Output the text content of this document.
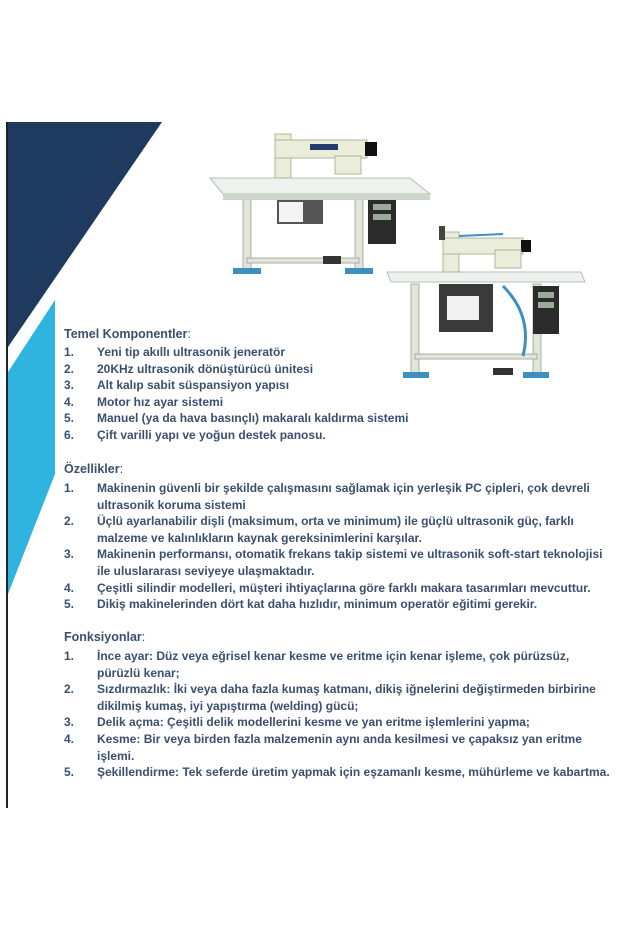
Temel Komponentler:
1. Yeni tip akıllı ultrasonik jeneratör
2. 20KHz ultrasonik dönüştürücü ünitesi
3. Alt kalıp sabit süspansiyon yapısı
4. Motor hız ayar sistemi
5. Manuel (ya da hava basınçlı) makaralı kaldırma sistemi
6. Çift varilli yapı ve yoğun destek panosu.
Özellikler:
1. Makinenin güvenli bir şekilde çalışmasını sağlamak için yerleşik PC çipleri, çok devreli ultrasonik koruma sistemi
2. Üçlü ayarlanabilir dişli (maksimum, orta ve minimum) ile güçlü ultrasonik güç, farklı malzeme ve kalınlıkların kaynak gereksinimlerini karşılar.
3. Makinenin performansı, otomatik frekans takip sistemi ve ultrasonik soft-start teknolojisi ile uluslararası seviyeye ulaşmaktadır.
4. Çeşitli silindir modelleri, müşteri ihtiyaçlarına göre farklı makara tasarımları mevcuttur.
5. Dikiş makinelerinden dört kat daha hızlıdır, minimum operatör eğitimi gerekir.
Fonksiyonlar:
1. İnce ayar: Düz veya eğrisel kenar kesme ve eritme için kenar işleme, çok pürüzsüz, pürüzlü kenar;
2. Sızdırmazlık: İki veya daha fazla kumaş katmanı, dikiş iğnelerini değiştirmeden birbirine dikilmiş kumaş, iyi yapıştırma (welding) gücü;
3. Delik açma: Çeşitli delik modellerini kesme ve yan eritme işlemlerini yapma;
4. Kesme: Bir veya birden fazla malzemenin aynı anda kesilmesi ve çapaksız yan eritme işlemi.
5. Şekillendirme: Tek seferde üretim yapmak için eşzamanlı kesme, mühürleme ve kabartma.
